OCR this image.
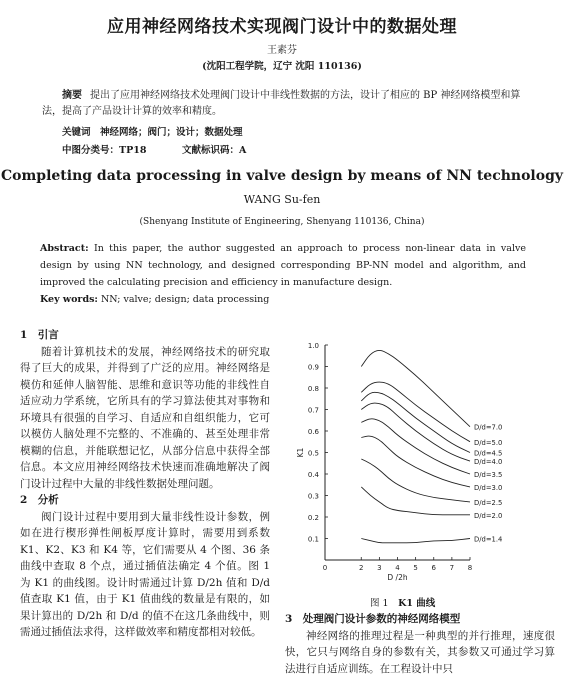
应用神经网络技术实现阀门设计中的数据处理
王素芬
(沈阳工程学院，辽宁 沈阳 110136)
摘要 提出了应用神经网络技术处理阀门设计中非线性数据的方法，设计了相应的 BP 神经网络模型和算法，提高了产品设计计算的效率和精度。
关键词　神经网络；阀门；设计；数据处理
中图分类号：TP18	文献标识码：A
Completing data processing in valve design by means of NN technology
WANG Su-fen
(Shenyang Institute of Engineering, Shenyang 110136, China)
Abstract: In this paper, the author suggested an approach to process non-linear data in valve design by using NN technology, and designed corresponding BP-NN model and algorithm, and improved the calculating precision and efficiency in manufacture design.
Key words: NN; valve; design; data processing
1　引言
随着计算机技术的发展，神经网络技术的研究取得了巨大的成果，并得到了广泛的应用。神经网络是模仿和延伸人脑智能、思维和意识等功能的非线性自适应动力学系统，它所具有的学习算法使其对事物和环境具有很强的自学习、自适应和自组织能力，它可以模仿人脑处理不完整的、不准确的、甚至处理非常模糊的信息，并能联想记忆，从部分信息中获得全部信息。本文应用神经网络技术快速而准确地解决了阀门设计过程中大量的非线性数据处理问题。
2　分析
阀门设计过程中要用到大量非线性设计参数，例如在进行楔形弹性闸板厚度计算时，需要用到系数 K1、K2、K3 和 K4 等，它们需要从 4 个图、36 条曲线中查取 8 个点，通过插值法确定 4 个值。图 1 为 K1 的曲线图。设计时需通过计算 D/2h 值和 D/d 值查取 K1 值，由于 K1 值曲线的数量是有限的，如果计算出的 D/2h 和 D/d 的值不在这几条曲线中，则需通过插值法求得，这样做效率和精度都相对较低。
0.1
0.2
0.3
0.4
0.5
0.6
0.7
0.8
0.9
1.0
0	2 3 4 5 6 7 8
K1
D /2h
D/d=7.0
D/d=5.0
D/d=4.5
D/d=4.0
D/d=3.5
D/d=3.0
D/d=2.5
D/d=2.0
D/d=1.4
图 1  K1 曲线
3　处理阀门设计参数的神经网络模型
神经网络的推理过程是一种典型的并行推理，速度很快，它只与网络自身的参数有关，其参数又可通过学习算法进行自适应训练。在工程设计中只
